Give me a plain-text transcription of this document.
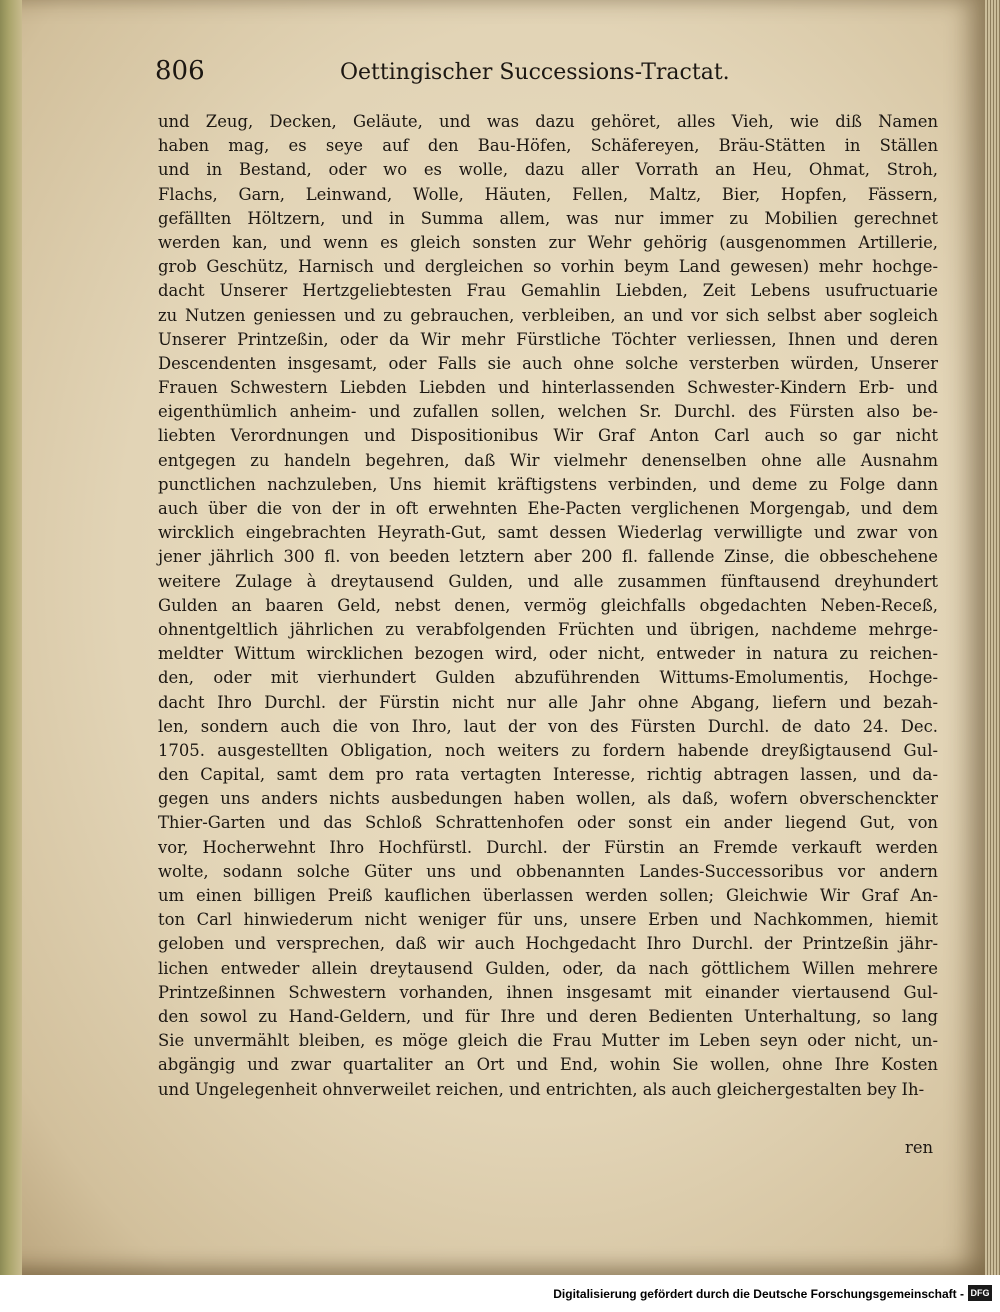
806	Oettingischer Successions-Tractat.
und Zeug, Decken, Geläute, und was dazu gehöret, alles Vieh, wie diß Namen
haben mag, es seye auf den Bau-Höfen, Schäfereyen, Bräu-Stätten in Ställen
und in Bestand, oder wo es wolle, dazu aller Vorrath an Heu, Ohmat, Stroh,
Flachs, Garn, Leinwand, Wolle, Häuten, Fellen, Maltz, Bier, Hopfen, Fässern,
gefällten Höltzern, und in Summa allem, was nur immer zu Mobilien gerechnet
werden kan, und wenn es gleich sonsten zur Wehr gehörig (ausgenommen Artillerie,
grob Geschütz, Harnisch und dergleichen so vorhin beym Land gewesen) mehr hochge-
dacht Unserer Hertzgeliebtesten Frau Gemahlin Liebden, Zeit Lebens usufructuarie
zu Nutzen geniessen und zu gebrauchen, verbleiben, an und vor sich selbst aber sogleich
Unserer Printzeßin, oder da Wir mehr Fürstliche Töchter verliessen, Ihnen und deren
Descendenten insgesamt, oder Falls sie auch ohne solche versterben würden, Unserer
Frauen Schwestern Liebden Liebden und hinterlassenden Schwester-Kindern Erb- und
eigenthümlich anheim- und zufallen sollen, welchen Sr. Durchl. des Fürsten also be-
liebten Verordnungen und Dispositionibus Wir Graf Anton Carl auch so gar nicht
entgegen zu handeln begehren, daß Wir vielmehr denenselben ohne alle Ausnahm
punctlichen nachzuleben, Uns hiemit kräftigstens verbinden, und deme zu Folge dann
auch über die von der in oft erwehnten Ehe-Pacten verglichenen Morgengab, und dem
wircklich eingebrachten Heyrath-Gut, samt dessen Wiederlag verwilligte und zwar von
jener jährlich 300 fl. von beeden letztern aber 200 fl. fallende Zinse, die obbeschehene
weitere Zulage à dreytausend Gulden, und alle zusammen fünftausend dreyhundert
Gulden an baaren Geld, nebst denen, vermög gleichfalls obgedachten Neben-Receß,
ohnentgeltlich jährlichen zu verabfolgenden Früchten und übrigen, nachdeme mehrge-
meldter Wittum wircklichen bezogen wird, oder nicht, entweder in natura zu reichen-
den, oder mit vierhundert Gulden abzuführenden Wittums-Emolumentis, Hochge-
dacht Ihro Durchl. der Fürstin nicht nur alle Jahr ohne Abgang, liefern und bezah-
len, sondern auch die von Ihro, laut der von des Fürsten Durchl. de dato 24. Dec.
1705. ausgestellten Obligation, noch weiters zu fordern habende dreyßigtausend Gul-
den Capital, samt dem pro rata vertagten Interesse, richtig abtragen lassen, und da-
gegen uns anders nichts ausbedungen haben wollen, als daß, wofern obverschenckter
Thier-Garten und das Schloß Schrattenhofen oder sonst ein ander liegend Gut, von
vor, Hocherwehnt Ihro Hochfürstl. Durchl. der Fürstin an Fremde verkauft werden
wolte, sodann solche Güter uns und obbenannten Landes-Successoribus vor andern
um einen billigen Preiß kauflichen überlassen werden sollen; Gleichwie Wir Graf An-
ton Carl hinwiederum nicht weniger für uns, unsere Erben und Nachkommen, hiemit
geloben und versprechen, daß wir auch Hochgedacht Ihro Durchl. der Printzeßin jähr-
lichen entweder allein dreytausend Gulden, oder, da nach göttlichem Willen mehrere
Printzeßinnen Schwestern vorhanden, ihnen insgesamt mit einander viertausend Gul-
den sowol zu Hand-Geldern, und für Ihre und deren Bedienten Unterhaltung, so lang
Sie unvermählt bleiben, es möge gleich die Frau Mutter im Leben seyn oder nicht, un-
abgängig und zwar quartaliter an Ort und End, wohin Sie wollen, ohne Ihre Kosten
und Ungelegenheit ohnverweilet reichen, und entrichten, als auch gleichergestalten bey Ih-
ren
Digitalisierung gefördert durch die Deutsche Forschungsgemeinschaft - DFG
